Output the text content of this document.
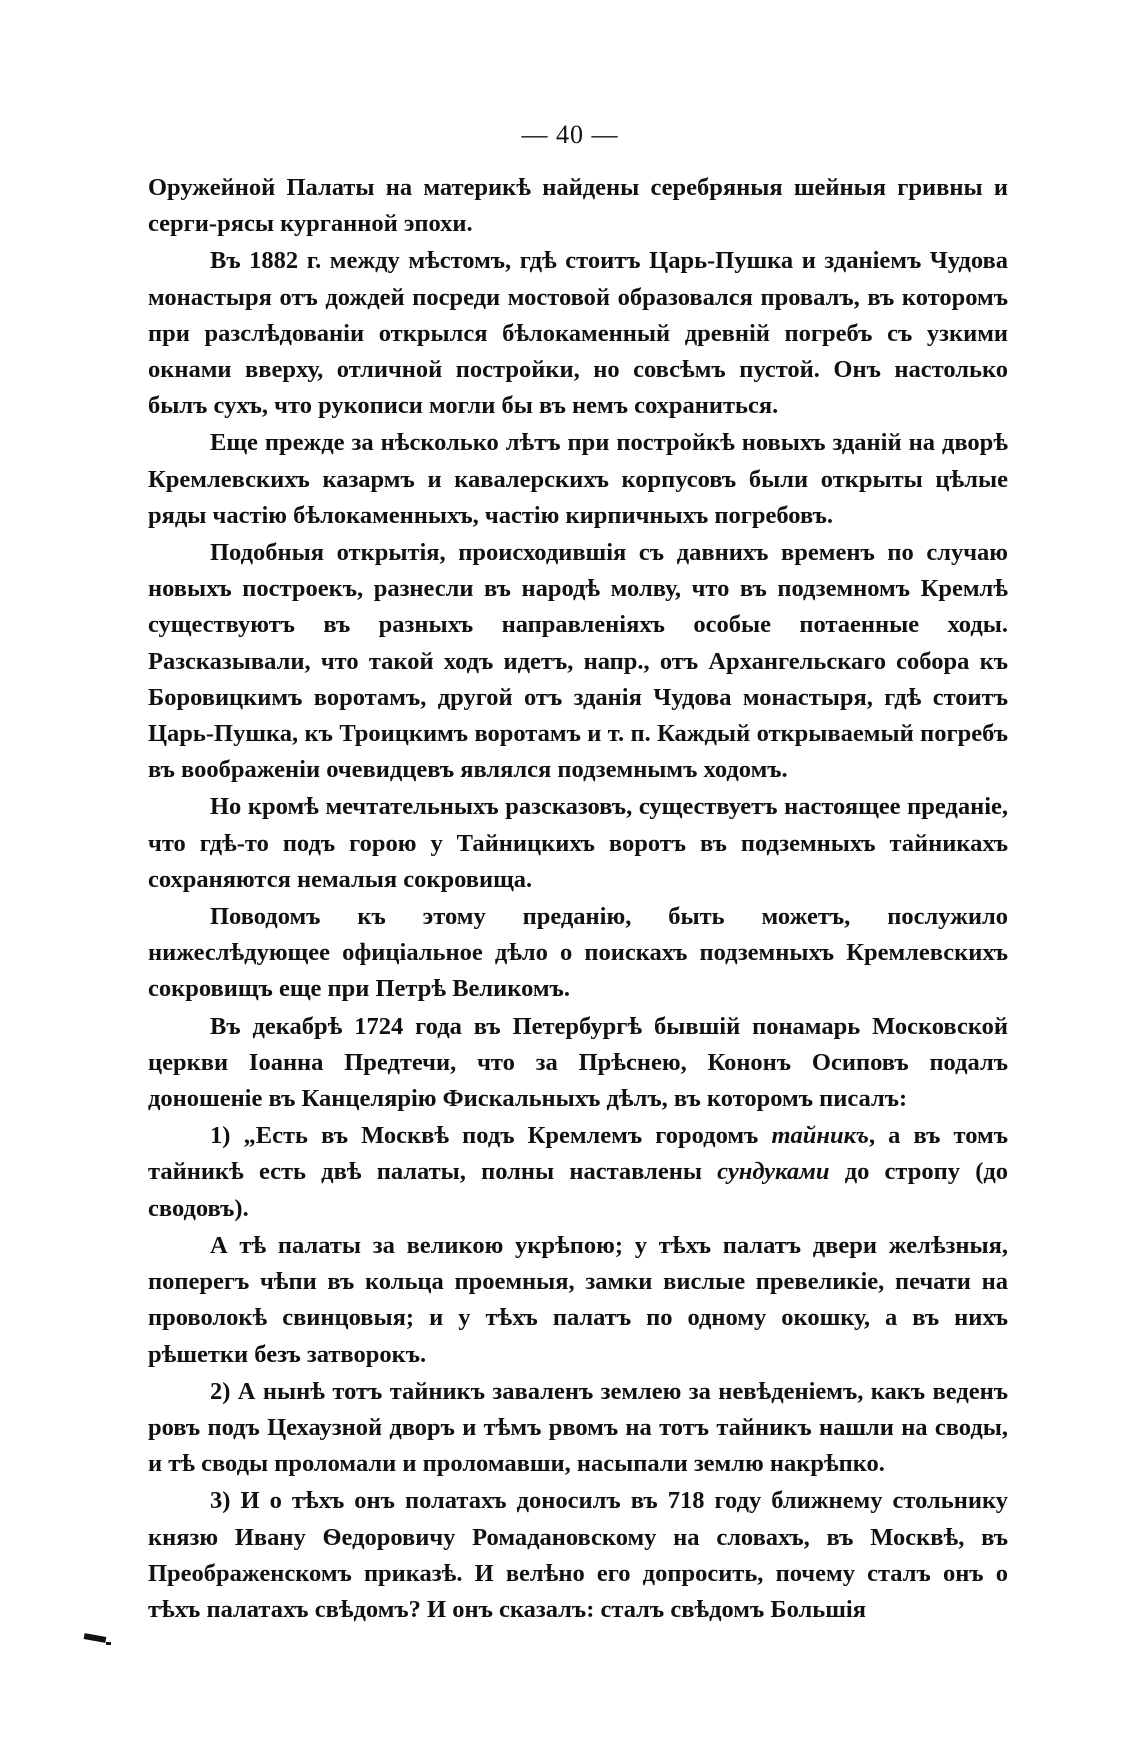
— 40 —

Оружейной Палаты на материкѣ найдены серебряныя шейныя гривны и серги-рясы курганной эпохи.

Въ 1882 г. между мѣстомъ, гдѣ стоитъ Царь-Пушка и зданіемъ Чудова монастыря отъ дождей посреди мостовой образовался провалъ, въ которомъ при разслѣдованіи открылся бѣлокаменный древній погребъ съ узкими окнами вверху, отличной постройки, но совсѣмъ пустой. Онъ настолько былъ сухъ, что рукописи могли бы въ немъ сохраниться.

Еще прежде за нѣсколько лѣтъ при постройкѣ новыхъ зданій на дворѣ Кремлевскихъ казармъ и кавалерскихъ корпусовъ были открыты цѣлые ряды частію бѣлокаменныхъ, частію кирпичныхъ погребовъ.

Подобныя открытія, происходившія съ давнихъ временъ по случаю новыхъ построекъ, разнесли въ народѣ молву, что въ подземномъ Кремлѣ существуютъ въ разныхъ направленіяхъ особые потаенные ходы. Разсказывали, что такой ходъ идетъ, напр., отъ Архангельскаго собора къ Боровицкимъ воротамъ, другой отъ зданія Чудова монастыря, гдѣ стоитъ Царь-Пушка, къ Троицкимъ воротамъ и т. п. Каждый открываемый погребъ въ воображеніи очевидцевъ являлся подземнымъ ходомъ.

Но кромѣ мечтательныхъ разсказовъ, существуетъ настоящее преданіе, что гдѣ-то подъ горою у Тайницкихъ воротъ въ подземныхъ тайникахъ сохраняются немалыя сокровища.

Поводомъ къ этому преданію, быть можетъ, послужило нижеслѣдующее офиціальное дѣло о поискахъ подземныхъ Кремлевскихъ сокровищъ еще при Петрѣ Великомъ.

Въ декабрѣ 1724 года въ Петербургѣ бывшій понамарь Московской церкви Іоанна Предтечи, что за Прѣснею, Кононъ Осиповъ подалъ доношеніе въ Канцелярію Фискальныхъ дѣлъ, въ которомъ писалъ:

1) „Есть въ Москвѣ подъ Кремлемъ городомъ тайникъ, а въ томъ тайникѣ есть двѣ палаты, полны наставлены сундуками до стропу (до сводовъ).

А тѣ палаты за великою укрѣпою; у тѣхъ палатъ двери желѣзныя, поперегъ чѣпи въ кольца проемныя, замки вислые превеликіе, печати на проволокѣ свинцовыя; и у тѣхъ палатъ по одному окошку, а въ нихъ рѣшетки безъ затворокъ.

2) А нынѣ тотъ тайникъ заваленъ землею за невѣденіемъ, какъ веденъ ровъ подъ Цехаузной дворъ и тѣмъ рвомъ на тотъ тайникъ нашли на своды, и тѣ своды проломали и проломавши, насыпали землю накрѣпко.

3) И о тѣхъ онъ полатахъ доносилъ въ 718 году ближнему стольнику князю Ивану Ѳедоровичу Ромадановскому на словахъ, въ Москвѣ, въ Преображенскомъ приказѣ. И велѣно его допросить, почему сталъ онъ о тѣхъ палатахъ свѣдомъ? И онъ сказалъ: сталъ свѣдомъ Большія
